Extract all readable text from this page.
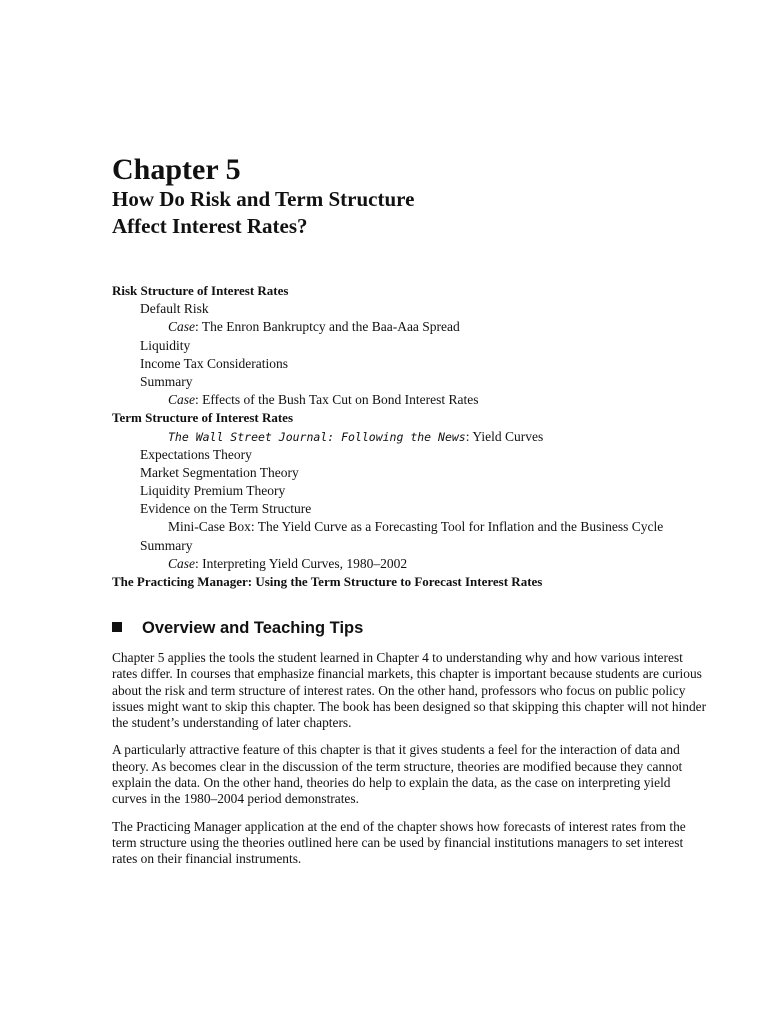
Chapter 5
How Do Risk and Term Structure
Affect Interest Rates?
Risk Structure of Interest Rates
Default Risk
Case: The Enron Bankruptcy and the Baa-Aaa Spread
Liquidity
Income Tax Considerations
Summary
Case: Effects of the Bush Tax Cut on Bond Interest Rates
Term Structure of Interest Rates
The Wall Street Journal: Following the News: Yield Curves
Expectations Theory
Market Segmentation Theory
Liquidity Premium Theory
Evidence on the Term Structure
Mini-Case Box: The Yield Curve as a Forecasting Tool for Inflation and the Business Cycle
Summary
Case: Interpreting Yield Curves, 1980–2002
The Practicing Manager: Using the Term Structure to Forecast Interest Rates
Overview and Teaching Tips

Chapter 5 applies the tools the student learned in Chapter 4 to understanding why and how various interest rates differ. In courses that emphasize financial markets, this chapter is important because students are curious about the risk and term structure of interest rates. On the other hand, professors who focus on public policy issues might want to skip this chapter. The book has been designed so that skipping this chapter will not hinder the student’s understanding of later chapters.

A particularly attractive feature of this chapter is that it gives students a feel for the interaction of data and theory. As becomes clear in the discussion of the term structure, theories are modified because they cannot explain the data. On the other hand, theories do help to explain the data, as the case on interpreting yield curves in the 1980–2004 period demonstrates.

The Practicing Manager application at the end of the chapter shows how forecasts of interest rates from the term structure using the theories outlined here can be used by financial institutions managers to set interest rates on their financial instruments.
